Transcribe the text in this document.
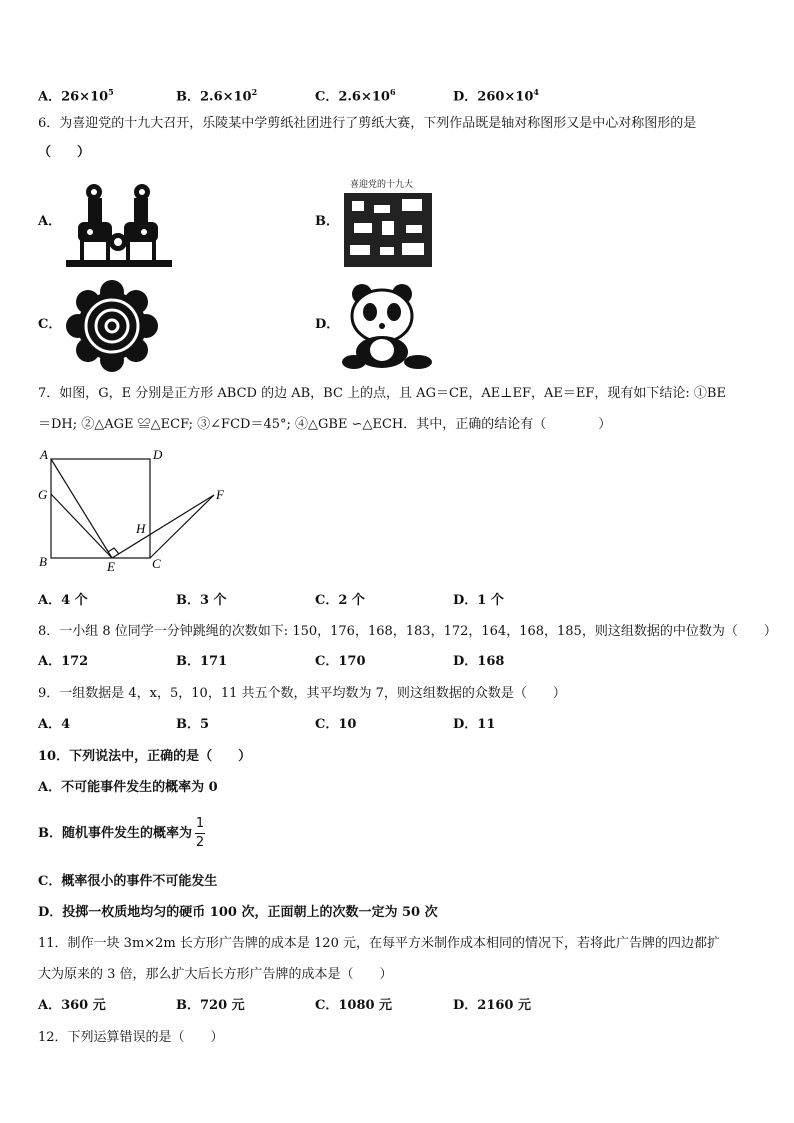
A．$26\times 10^5$	B．$2.6\times 10^2$	C．$2.6\times 10^6$	D．$260\times 10^4$
6．为喜迎党的十九大召开，乐陵某中学剪纸社团进行了剪纸大赛，下列作品既是轴对称图形又是中心对称图形的是
（　　）
A．	B．
C．	D．
喜迎党的十九大
7．如图，G，E 分别是正方形 ABCD 的边 AB，BC 上的点，且 AG＝CE，AE⊥EF，AE＝EF，现有如下结论: ①BE
＝DH; ②△AGE ≌△ECF; ③∠FCD＝45°; ④△GBE ∽△ECH．其中，正确的结论有（　　　　）
A	D
G	F
H
B	E	C
A．4 个	B．3 个	C．2 个	D．1 个
8．一小组 8 位同学一分钟跳绳的次数如下: 150，176，168，183，172，164，168，185，则这组数据的中位数为（　　）
A．172	B．171	C．170	D．168
9．一组数据是 4，x，5，10，11 共五个数，其平均数为 7，则这组数据的众数是（　　）
A．4	B．5	C．10	D．11
10．下列说法中，正确的是（　　）
A．不可能事件发生的概率为 0
B．随机事件发生的概率为 $\frac{1}{2}$
C．概率很小的事件不可能发生
D．投掷一枚质地均匀的硬币 100 次，正面朝上的次数一定为 50 次
11．制作一块 3m×2m 长方形广告牌的成本是 120 元，在每平方米制作成本相同的情况下，若将此广告牌的四边都扩
大为原来的 3 倍，那么扩大后长方形广告牌的成本是（　　）
A．360 元	B．720 元	C．1080 元	D．2160 元
12．下列运算错误的是（　　）
